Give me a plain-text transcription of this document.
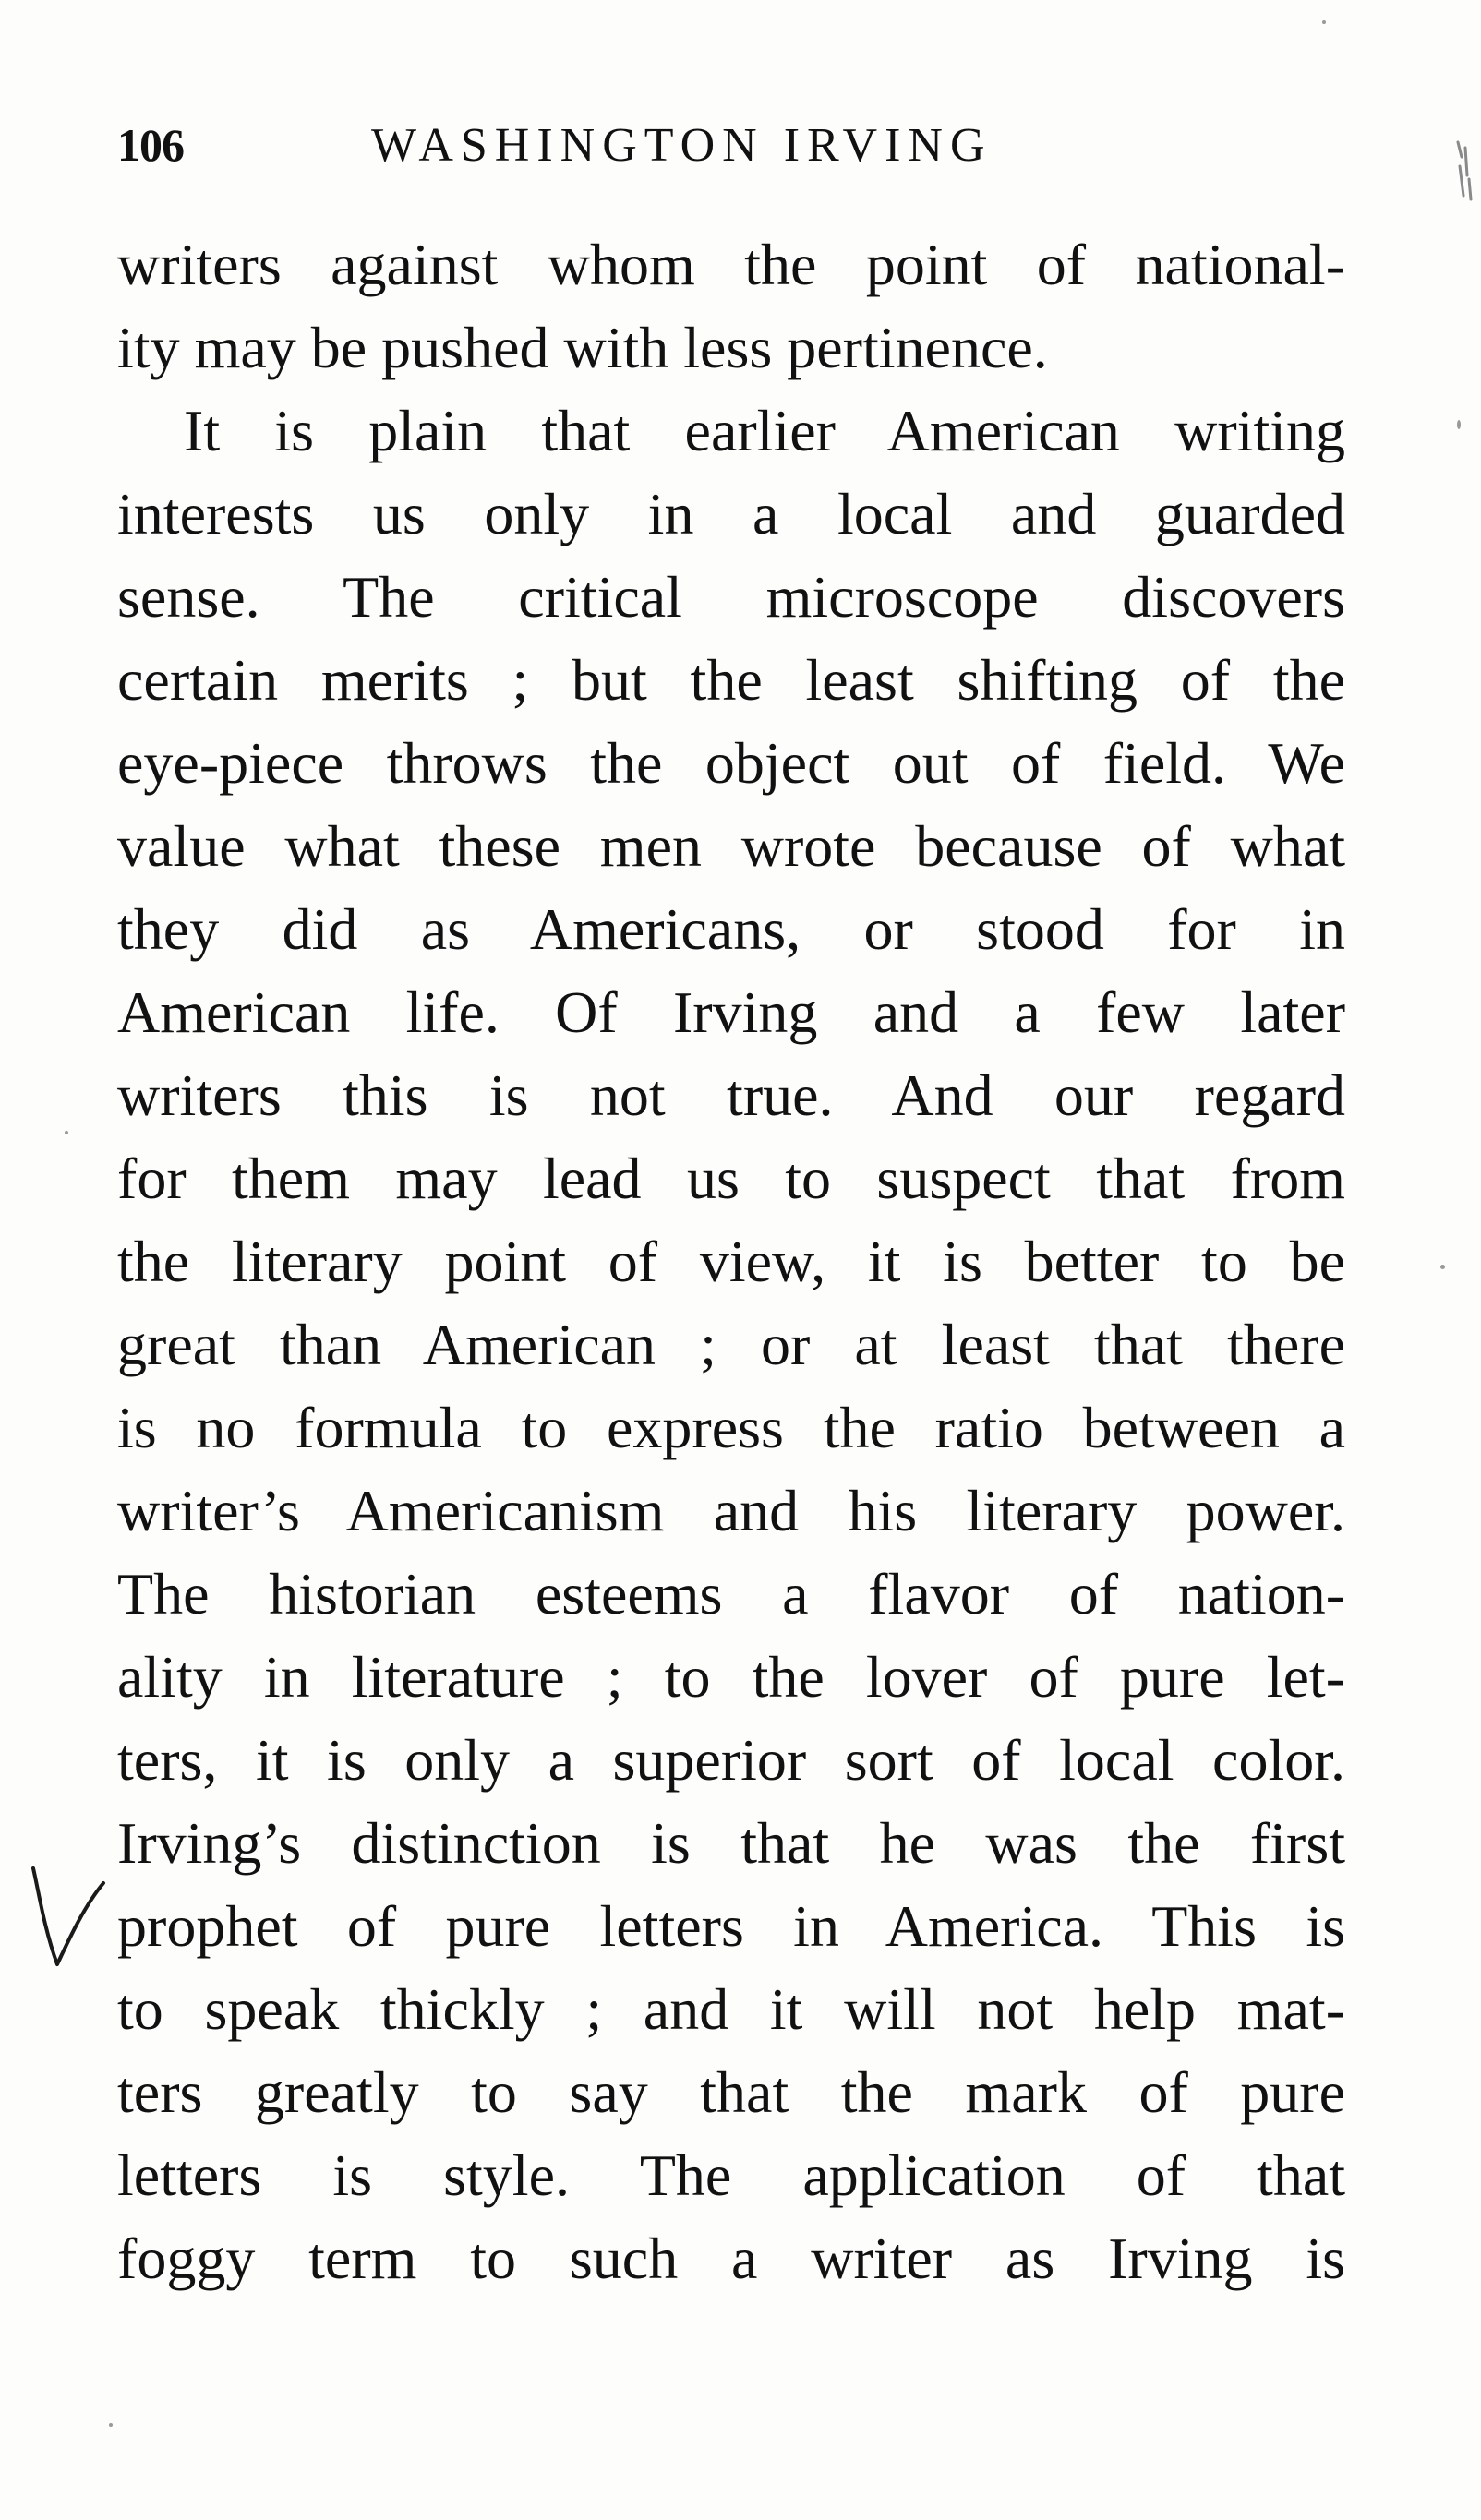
106	WASHINGTON IRVING
writers against whom the point of national-
ity may be pushed with less pertinence.
It is plain that earlier American writing
interests us only in a local and guarded
sense. The critical microscope discovers
certain merits ; but the least shifting of the
eye-piece throws the object out of field. We
value what these men wrote because of what
they did as Americans, or stood for in
American life. Of Irving and a few later
writers this is not true. And our regard
for them may lead us to suspect that from
the literary point of view, it is better to be
great than American ; or at least that there
is no formula to express the ratio between a
writer’s Americanism and his literary power.
The historian esteems a flavor of nation-
ality in literature ; to the lover of pure let-
ters, it is only a superior sort of local color.
Irving’s distinction is that he was the first
prophet of pure letters in America. This is
to speak thickly ; and it will not help mat-
ters greatly to say that the mark of pure
letters is style. The application of that
foggy term to such a writer as Irving is
